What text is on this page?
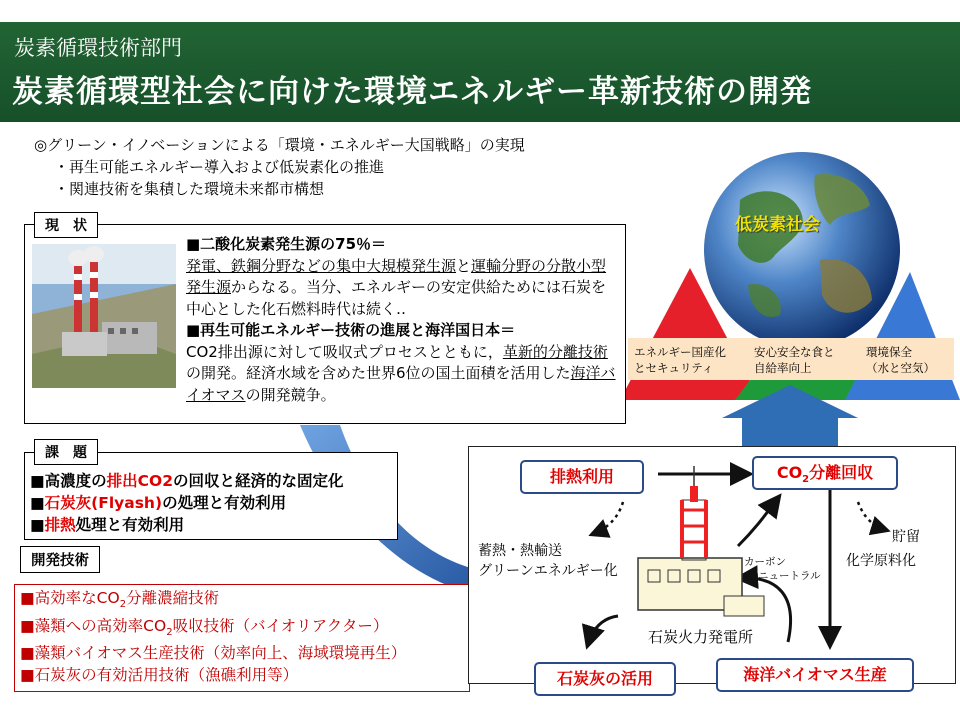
炭素循環技術部門
炭素循環型社会に向けた環境エネルギー革新技術の開発
◎グリーン・イノベーションによる「環境・エネルギー大国戦略」の実現
・再生可能エネルギー導入および低炭素化の推進
・関連技術を集積した環境未来都市構想
現　状
■二酸化炭素発生源の75％＝
発電、鉄鋼分野などの集中大規模発生源と運輸分野の分散小型発生源からなる。当分、エネルギーの安定供給ためには石炭を中心とした化石燃料時代は続く‥
■再生可能エネルギー技術の進展と海洋国日本＝
CO2排出源に対して吸収式プロセスとともに，革新的分離技術の開発。経済水域を含めた世界6位の国土面積を活用した海洋バイオマスの開発競争。
課　題
■高濃度の排出CO2の回収と経済的な固定化
■石炭灰(Flyash)の処理と有効利用
■排熱処理と有効利用
開発技術
■高効率な$CO_2$分離濃縮技術
■藻類への高効率$CO_2$吸収技術（バイオリアクター）
■藻類バイオマス生産技術（効率向上、海域環境再生）
■石炭灰の有効活用技術（漁礁利用等）
低炭素社会
エネルギー国産化
とセキュリティ
安心安全な食と
自給率向上
環境保全
（水と空気）
排熱利用	$CO_2$分離回収
石炭灰の活用	海洋バイオマス生産
蓄熱・熱輸送
グリーンエネルギー化
貯留
化学原料化
カーボン
ニュートラル
石炭火力発電所
